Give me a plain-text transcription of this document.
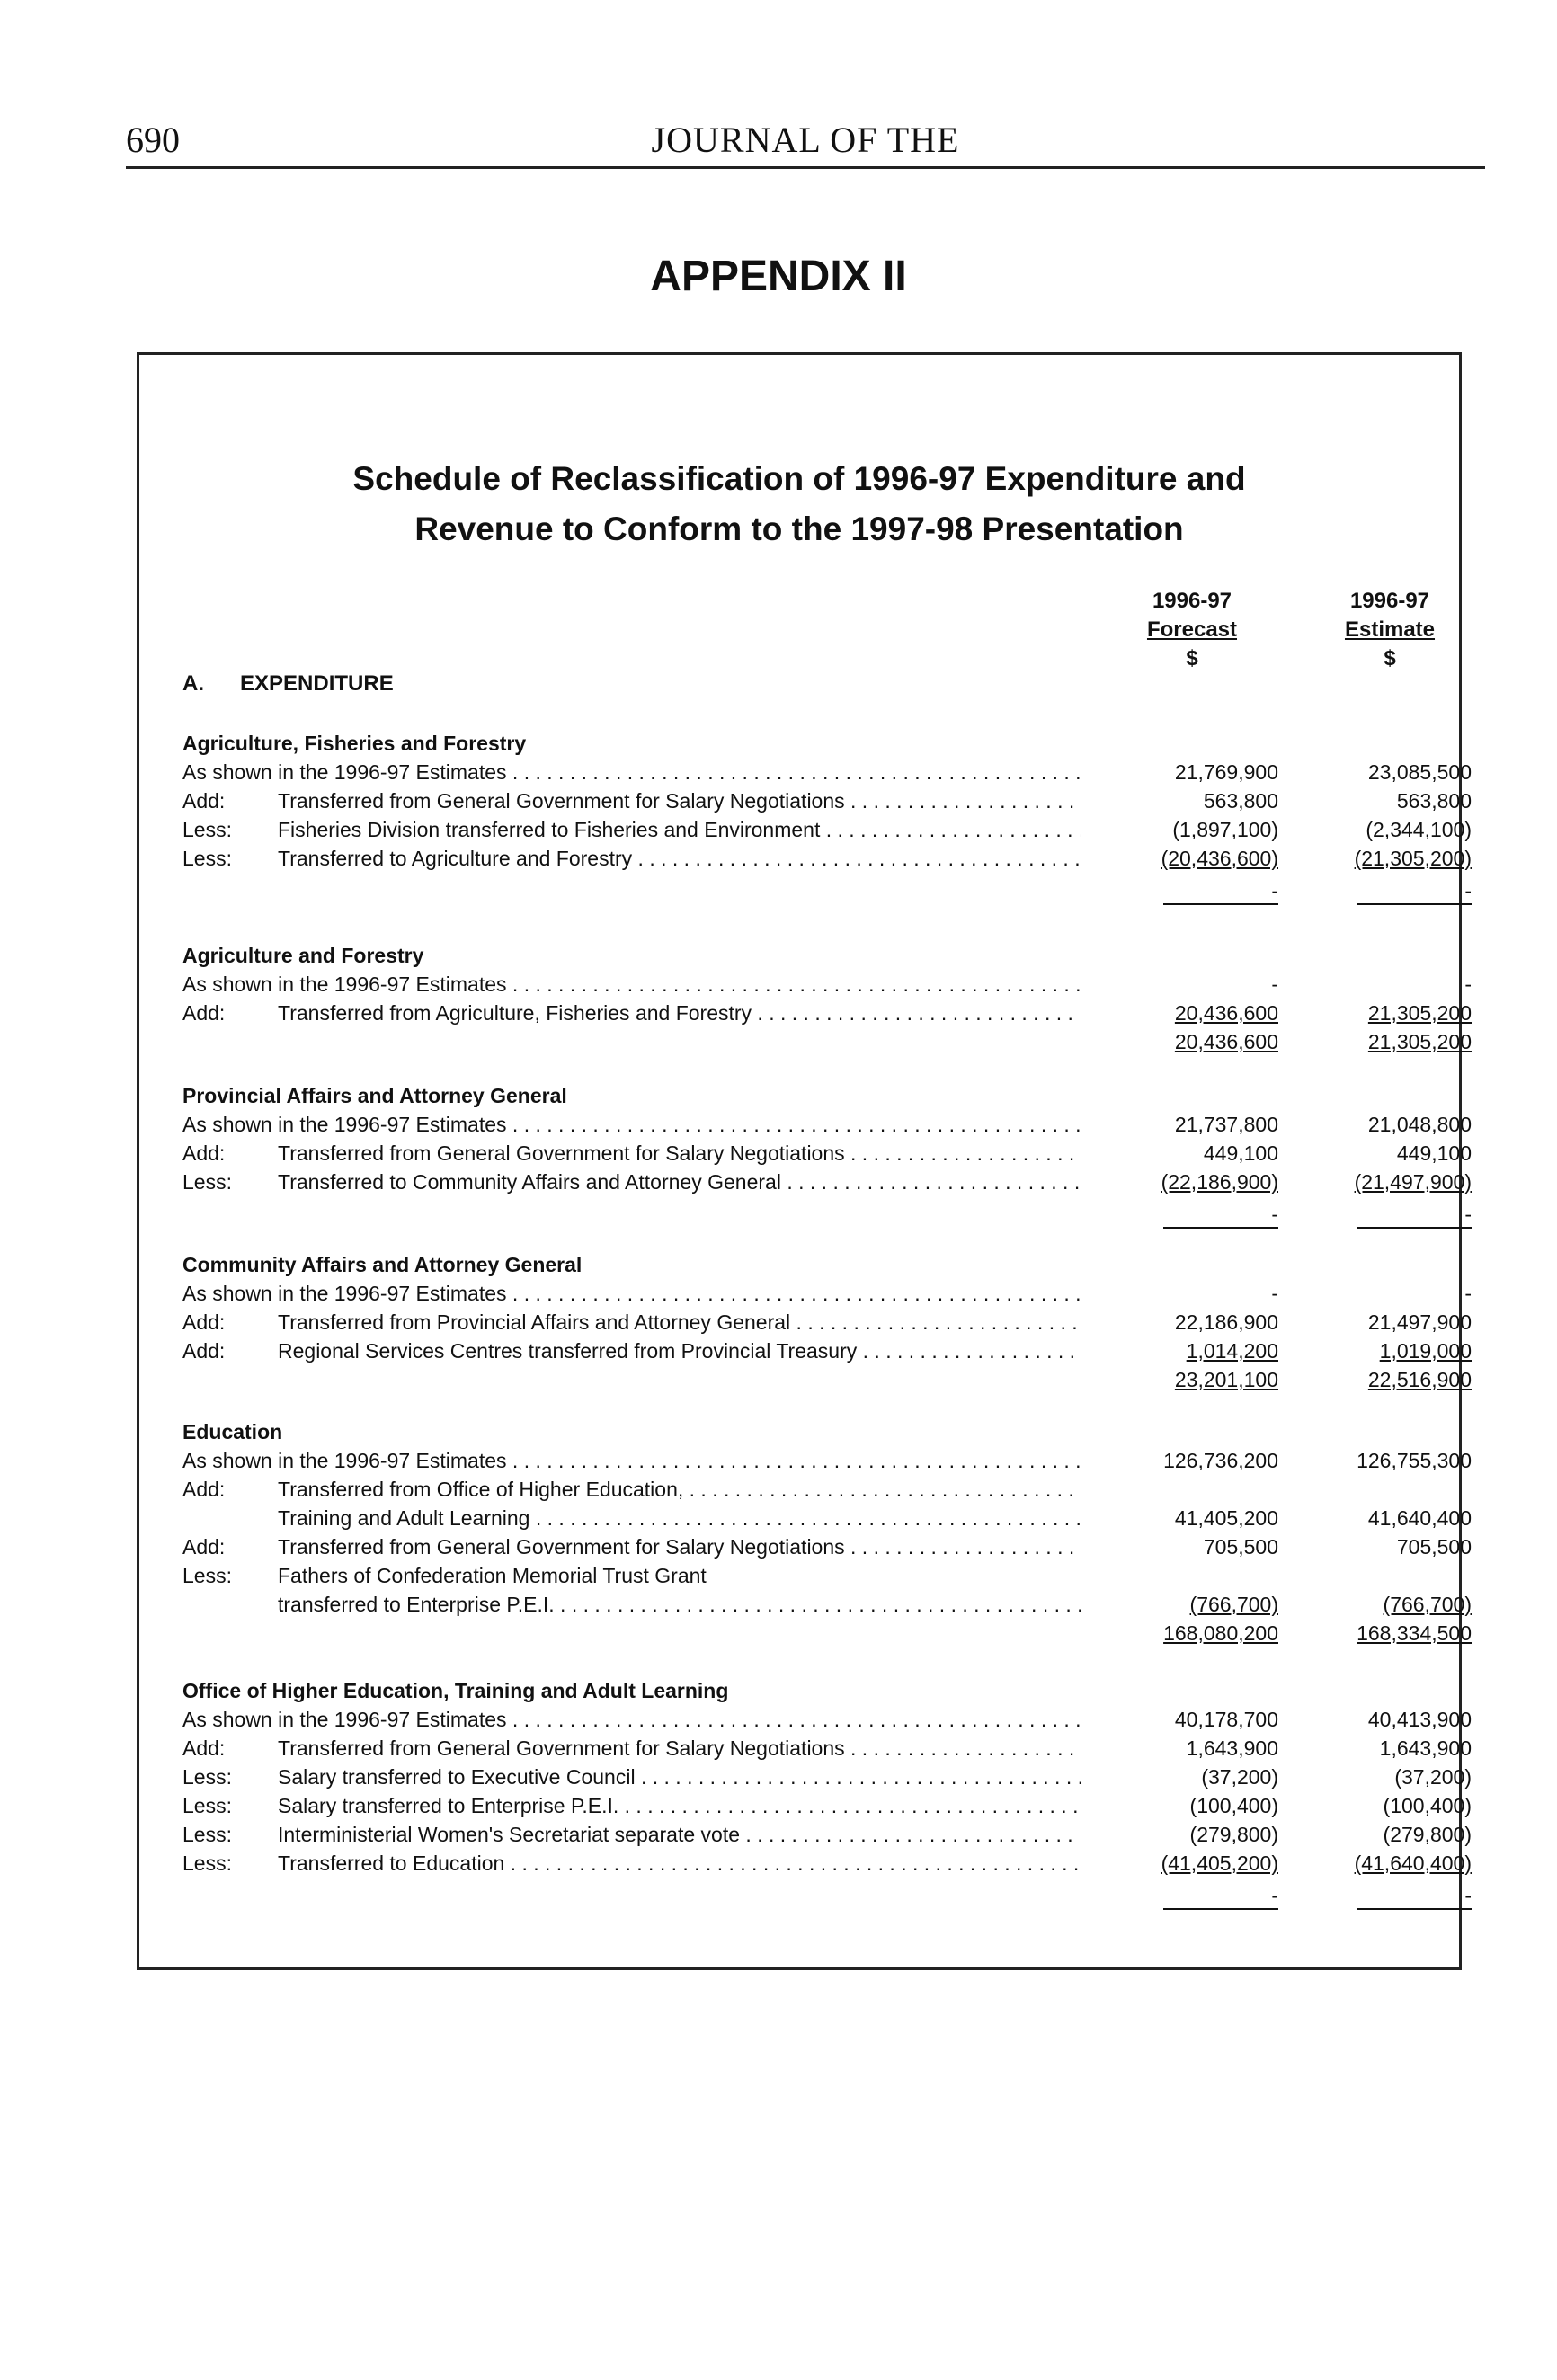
690	JOURNAL OF THE
APPENDIX II
Schedule of Reclassification of 1996-97 Expenditure and
Revenue to Conform to the 1997-98 Presentation
1996-97
Forecast
$
1996-97
Estimate
$
A. EXPENDITURE
Agriculture, Fisheries and Forestry
As shown in the 1996-97 Estimates . . .	21,769,900	23,085,500
Add:	Transferred from General Government for Salary Negotiations . . .	563,800	563,800
Less: Fisheries Division transferred to Fisheries and Environment . . .	(1,897,100)	(2,344,100)
Less: Transferred to Agriculture and Forestry . . .	(20,436,600)	(21,305,200)
-	-
Agriculture and Forestry
As shown in the 1996-97 Estimates . . .	-	-
Add:	Transferred from Agriculture, Fisheries and Forestry . . .	20,436,600	21,305,200
20,436,600	21,305,200
Provincial Affairs and Attorney General
As shown in the 1996-97 Estimates . . .	21,737,800	21,048,800
Add:	Transferred from General Government for Salary Negotiations . . .	449,100	449,100
Less: Transferred to Community Affairs and Attorney General . . .	(22,186,900)	(21,497,900)
-	-
Community Affairs and Attorney General
As shown in the 1996-97 Estimates . . .	-	-
Add:	Transferred from Provincial Affairs and Attorney General . . .	22,186,900	21,497,900
Add:	Regional Services Centres transferred from Provincial Treasury . . .	1,014,200	1,019,000
23,201,100	22,516,900
Education
As shown in the 1996-97 Estimates . . .	126,736,200	126,755,300
Add:	Transferred from Office of Higher Education, . . .
Training and Adult Learning . . .	41,405,200	41,640,400
Add:	Transferred from General Government for Salary Negotiations . . .	705,500	705,500
Less: Fathers of Confederation Memorial Trust Grant
transferred to Enterprise P.E.I. . . .	(766,700)	(766,700)
168,080,200	168,334,500
Office of Higher Education, Training and Adult Learning
As shown in the 1996-97 Estimates . . .	40,178,700	40,413,900
Add:	Transferred from General Government for Salary Negotiations . . .	1,643,900	1,643,900
Less: Salary transferred to Executive Council . . .	(37,200)	(37,200)
Less: Salary transferred to Enterprise P.E.I. . . .	(100,400)	(100,400)
Less: Interministerial Women's Secretariat separate vote . . .	(279,800)	(279,800)
Less: Transferred to Education . . .	(41,405,200)	(41,640,400)
-	-
